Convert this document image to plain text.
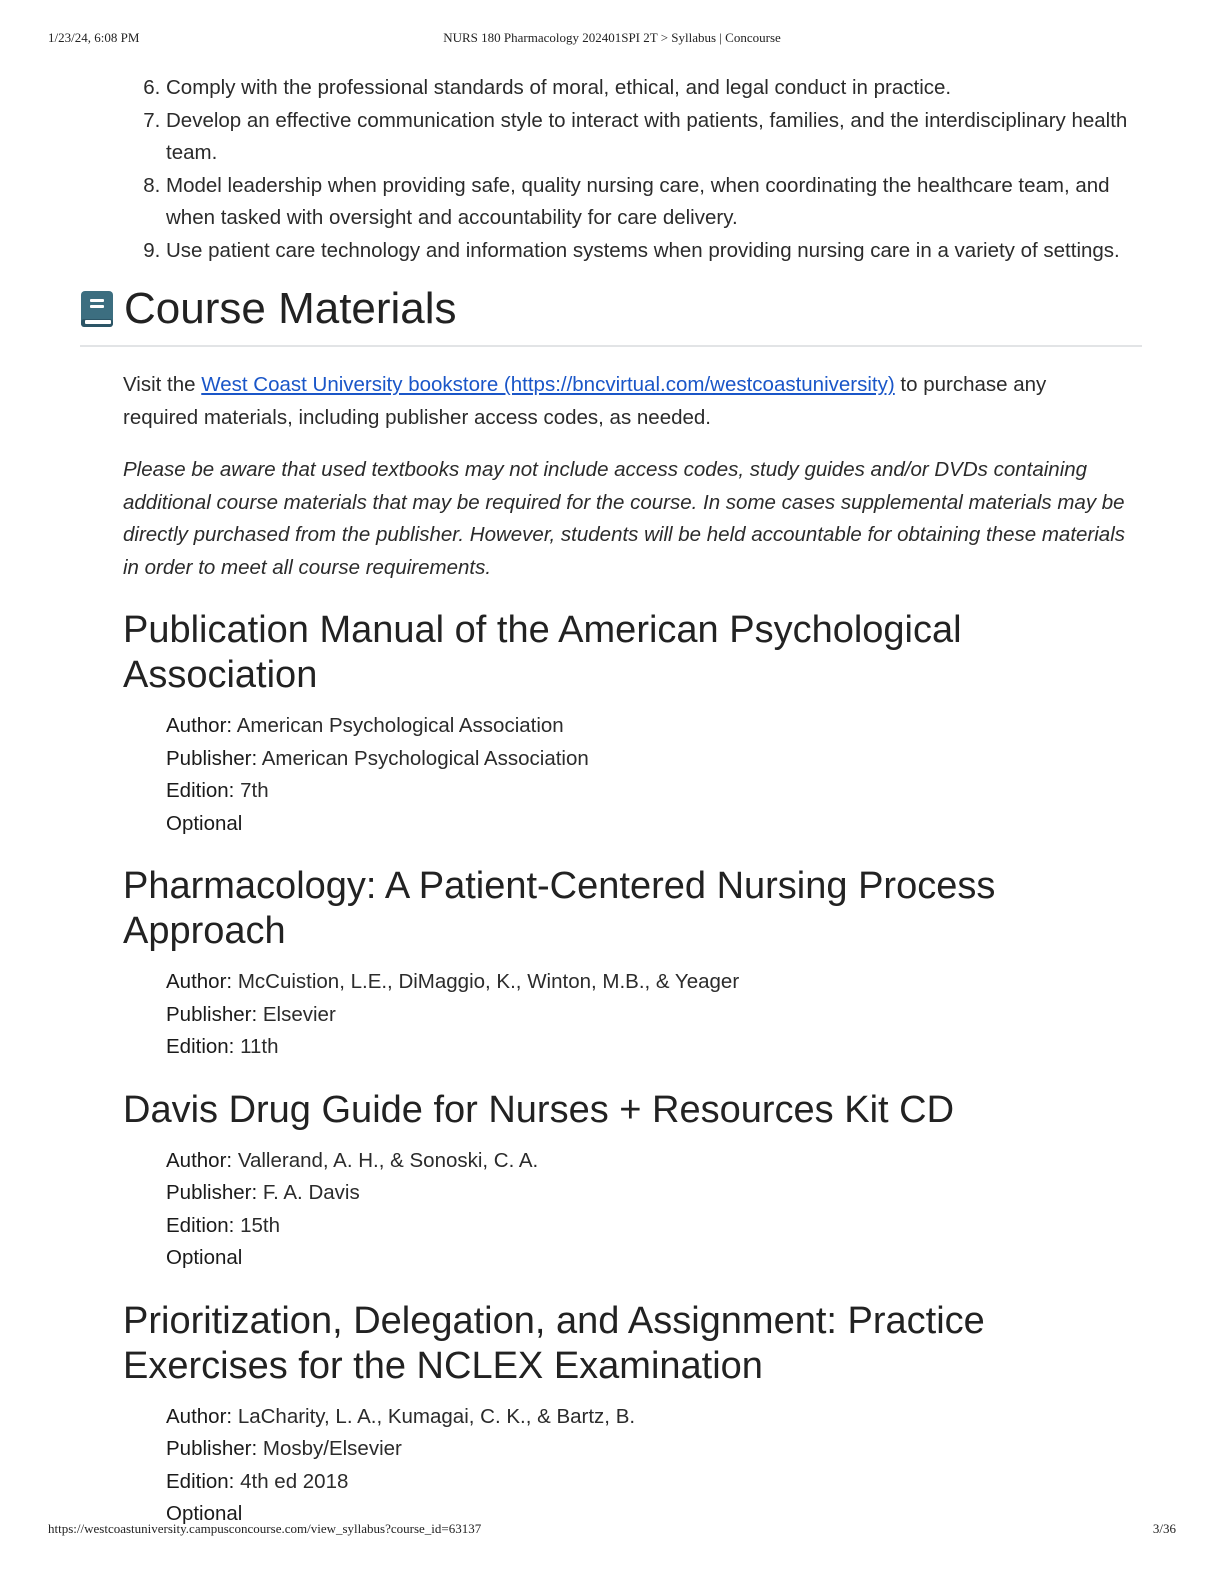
1/23/24, 6:08 PM	NURS 180 Pharmacology 202401SPI 2T > Syllabus | Concourse
6. Comply with the professional standards of moral, ethical, and legal conduct in practice.
7. Develop an effective communication style to interact with patients, families, and the interdisciplinary health team.
8. Model leadership when providing safe, quality nursing care, when coordinating the healthcare team, and when tasked with oversight and accountability for care delivery.
9. Use patient care technology and information systems when providing nursing care in a variety of settings.
Course Materials

Visit the West Coast University bookstore (https://bncvirtual.com/westcoastuniversity) to purchase any required materials, including publisher access codes, as needed.

Please be aware that used textbooks may not include access codes, study guides and/or DVDs containing additional course materials that may be required for the course. In some cases supplemental materials may be directly purchased from the publisher. However, students will be held accountable for obtaining these materials in order to meet all course requirements.

Publication Manual of the American Psychological Association
Author: American Psychological Association
Publisher: American Psychological Association
Edition: 7th
Optional
Pharmacology: A Patient-Centered Nursing Process Approach
Author: McCuistion, L.E., DiMaggio, K., Winton, M.B., & Yeager
Publisher: Elsevier
Edition: 11th
Davis Drug Guide for Nurses + Resources Kit CD
Author: Vallerand, A. H., & Sonoski, C. A.
Publisher: F. A. Davis
Edition: 15th
Optional
Prioritization, Delegation, and Assignment: Practice Exercises for the NCLEX Examination
Author: LaCharity, L. A., Kumagai, C. K., & Bartz, B.
Publisher: Mosby/Elsevier
Edition: 4th ed 2018
Optional
https://westcoastuniversity.campusconcourse.com/view_syllabus?course_id=63137	3/36
